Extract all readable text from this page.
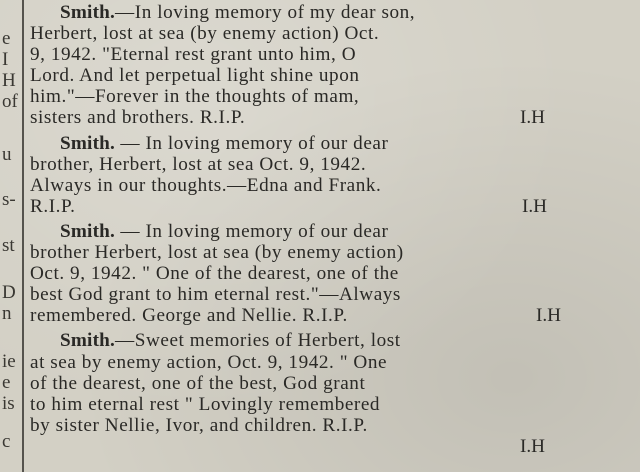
e
I
H
of
u
s-
st
D
n
ie
e
is
c
Smith.—In loving memory of my dear son,
Herbert, lost at sea (by enemy action) Oct.
9, 1942. "Eternal rest grant unto him, O
Lord. And let perpetual light shine upon
him."—Forever in the thoughts of mam,
sisters and brothers. R.I.P.	I.H
Smith. — In loving memory of our dear
brother, Herbert, lost at sea Oct. 9, 1942.
Always in our thoughts.—Edna and Frank.
R.I.P.	I.H
Smith. — In loving memory of our dear
brother Herbert, lost at sea (by enemy action)
Oct. 9, 1942. " One of the dearest, one of the
best God grant to him eternal rest."—Always
remembered. George and Nellie. R.I.P.	I.H
Smith.—Sweet memories of Herbert, lost
at sea by enemy action, Oct. 9, 1942. " One
of the dearest, one of the best, God grant
to him eternal rest " Lovingly remembered
by sister Nellie, Ivor, and children. R.I.P.
I.H
